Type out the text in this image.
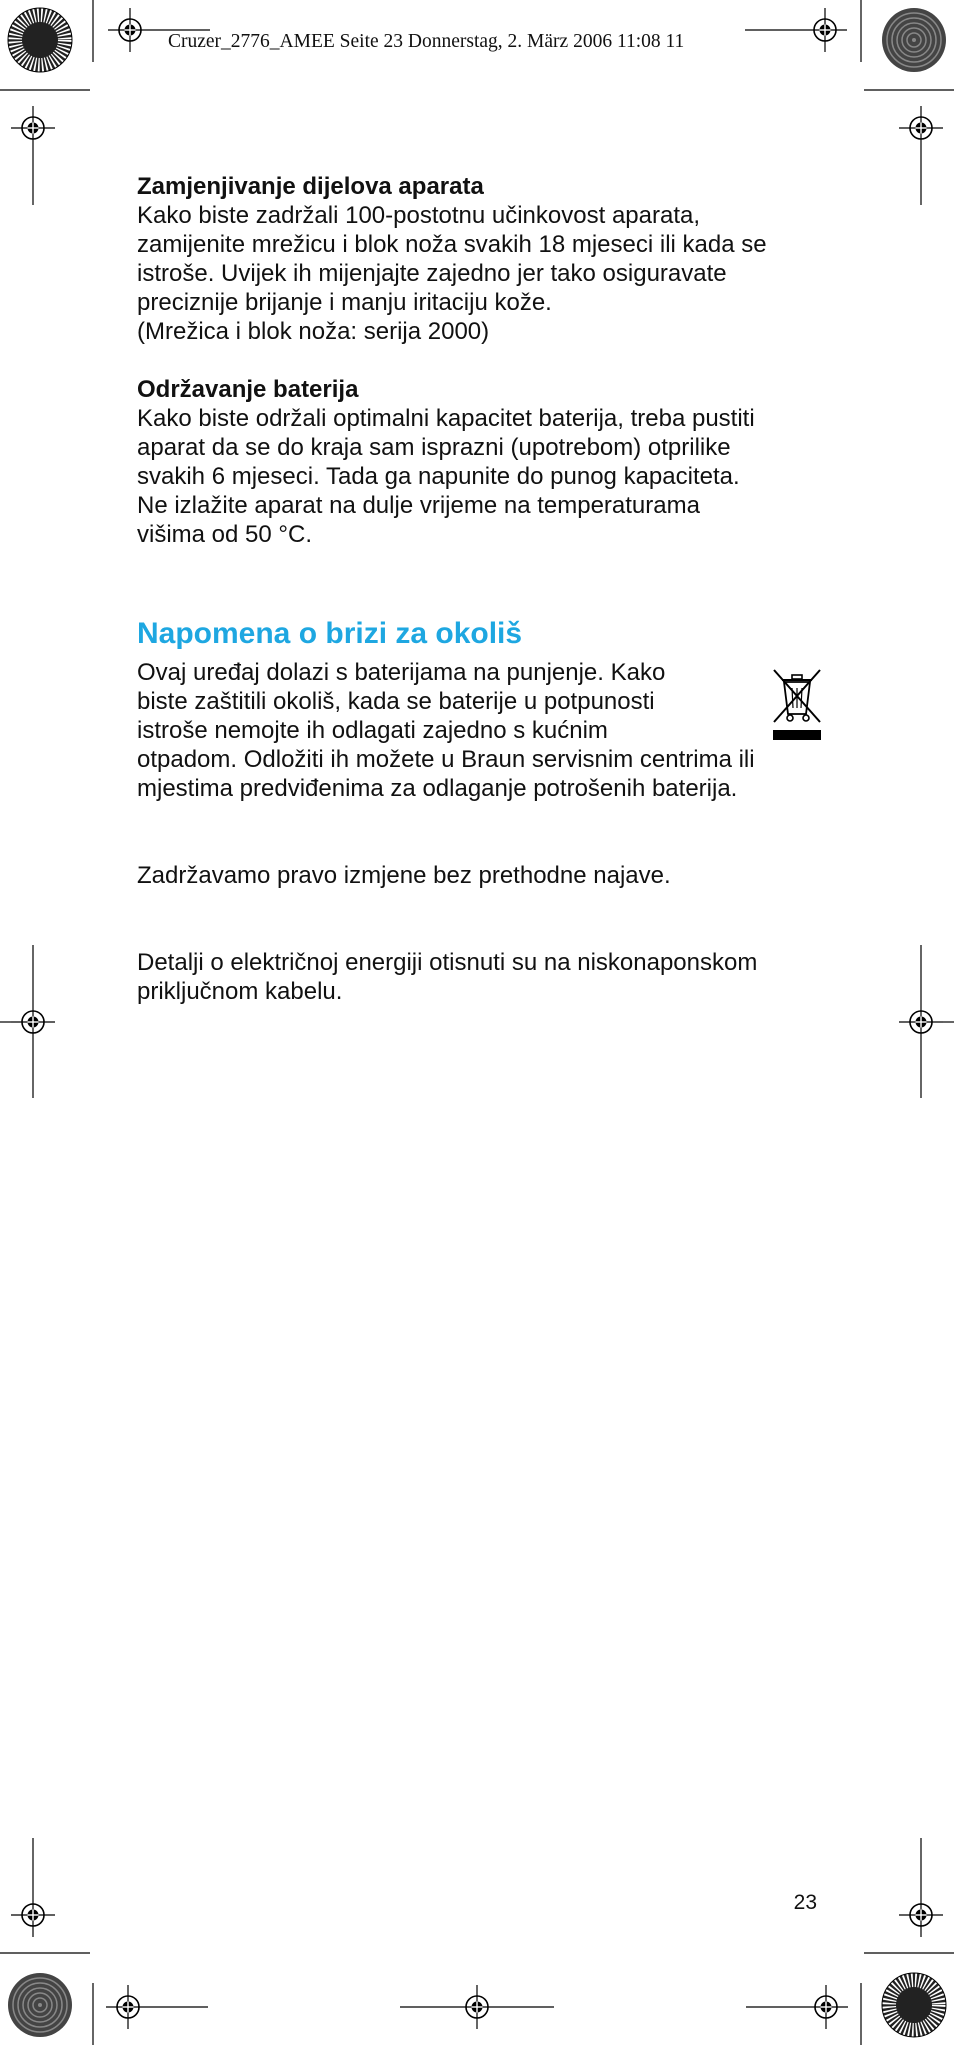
Cruzer_2776_AMEE Seite 23 Donnerstag, 2. März 2006 11:08 11

Zamjenjivanje dijelova aparata

Kako biste zadržali 100-postotnu učinkovost aparata,

zamijenite mrežicu i blok noža svakih 18 mjeseci ili kada se

istroše. Uvijek ih mijenjajte zajedno jer tako osiguravate

preciznije brijanje i manju iritaciju kože.

(Mrežica i blok noža: serija 2000)

Održavanje baterija

Kako biste održali optimalni kapacitet baterija, treba pustiti

aparat da se do kraja sam isprazni (upotrebom) otprilike

svakih 6 mjeseci. Tada ga napunite do punog kapaciteta.

Ne izlažite aparat na dulje vrijeme na temperaturama

višima od 50 °C.

Napomena o brizi za okoliš

Ovaj uređaj dolazi s baterijama na punjenje. Kako

biste zaštitili okoliš, kada se baterije u potpunosti

istroše nemojte ih odlagati zajedno s kućnim

otpadom. Odložiti ih možete u Braun servisnim centrima ili

mjestima predviđenima za odlaganje potrošenih baterija.

Zadržavamo pravo izmjene bez prethodne najave.

Detalji o električnoj energiji otisnuti su na niskonaponskom

priključnom kabelu.

23
